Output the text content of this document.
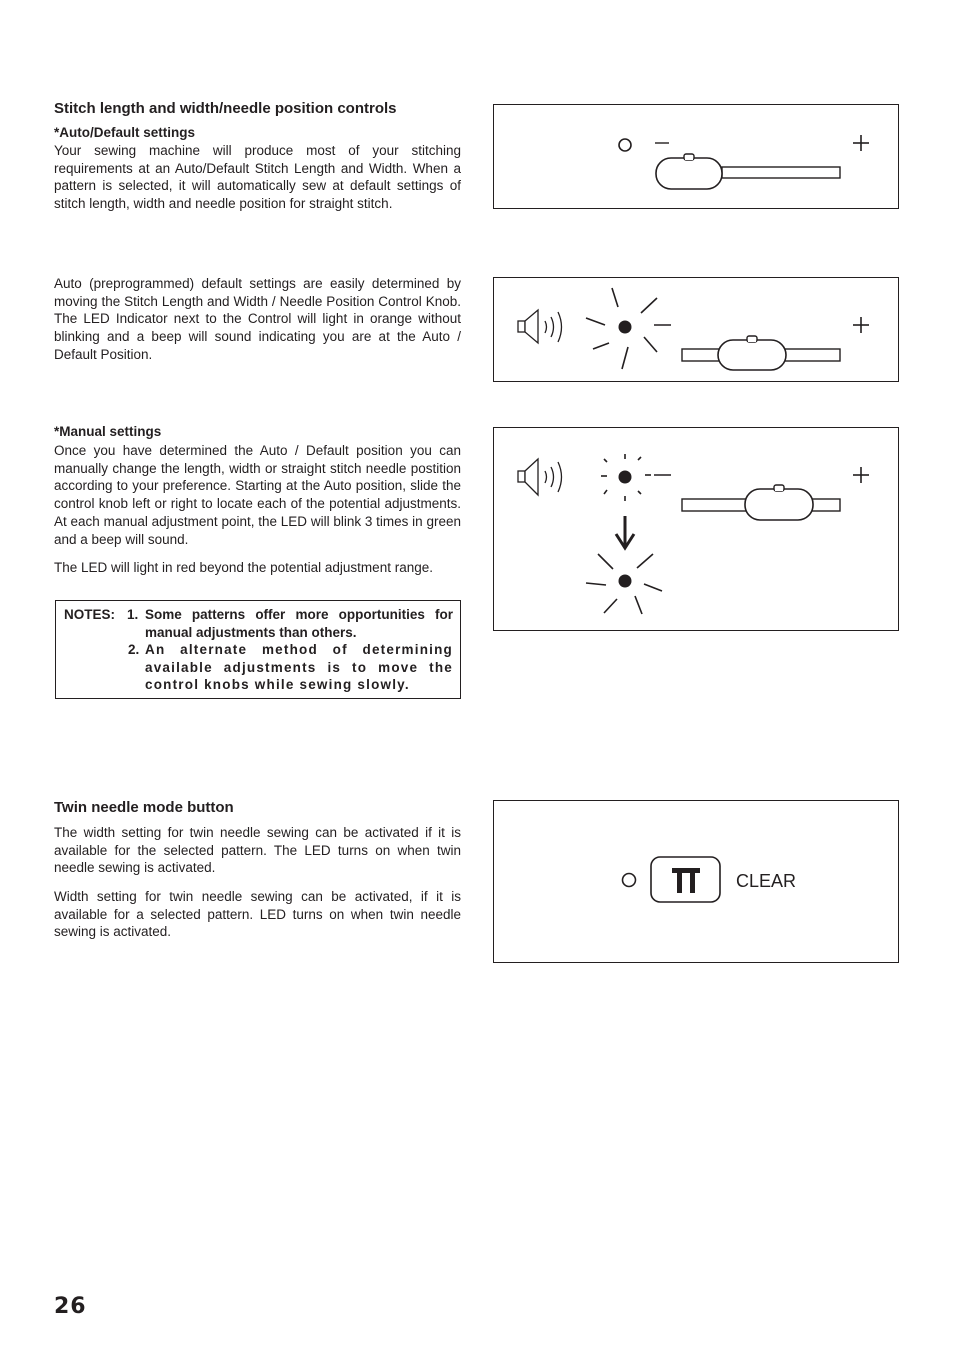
Stitch length and width/needle position controls
*Auto/Default settings
Your sewing machine will produce most of your stitching requirements at an Auto/Default Stitch Length and Width. When a pattern is selected, it will automatically sew at default settings of stitch length, width and needle position for straight stitch.
Auto (preprogrammed) default settings are easily determined by moving the Stitch Length and Width / Needle Position Control Knob. The LED Indicator next to the Control will light in orange without blinking and a beep will sound indicating you are at the Auto / Default Position.
*Manual settings
Once you have determined the Auto / Default position you can manually change the length, width or straight stitch needle postition according to your preference. Starting at the Auto position, slide the control knob left or right to locate each of the potential adjustments. At each manual adjustment point, the LED will blink 3 times in green and a beep will sound.
The LED will light in red beyond the potential adjustment range.
NOTES: 1. Some patterns offer more opportunities for manual adjustments than others.
2. An alternate method of determining available adjustments is to move the control knobs while sewing slowly.
Twin needle mode button
The width setting for twin needle sewing can be activated if it is available for the selected pattern. The LED turns on when twin needle sewing is activated.
Width setting for twin needle sewing can be activated, if it is available for a selected pattern. LED turns on when twin needle sewing is activated.
CLEAR
26
